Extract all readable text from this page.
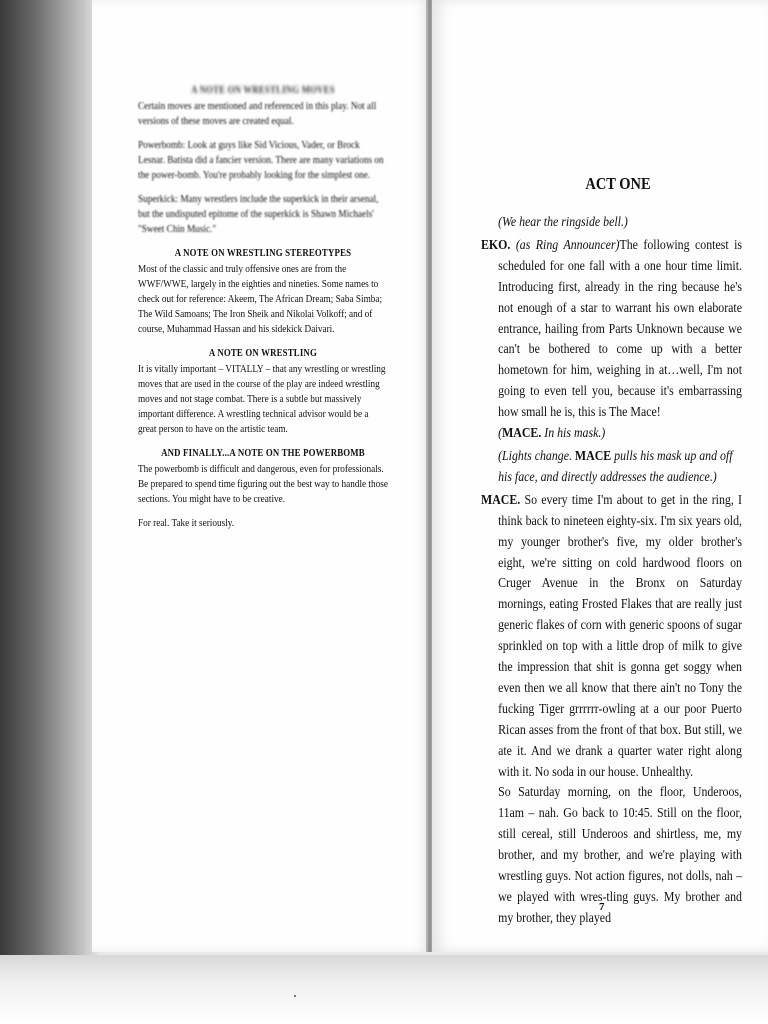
A NOTE ON WRESTLING MOVES

Certain moves are mentioned and referenced in this play. Not all versions of these moves are created equal.

Powerbomb: Look at guys like Sid Vicious, Vader, or Brock Lesnar. Batista did a fancier version. There are many variations on the power-bomb. You're probably looking for the simplest one.

Superkick: Many wrestlers include the superkick in their arsenal, but the undisputed epitome of the superkick is Shawn Michaels' "Sweet Chin Music."

A NOTE ON WRESTLING STEREOTYPES

Most of the classic and truly offensive ones are from the WWF/WWE, largely in the eighties and nineties. Some names to check out for reference: Akeem, The African Dream; Saba Simba; The Wild Samoans; The Iron Sheik and Nikolai Volkoff; and of course, Muhammad Hassan and his sidekick Daivari.

A NOTE ON WRESTLING

It is vitally important – VITALLY – that any wrestling or wrestling moves that are used in the course of the play are indeed wrestling moves and not stage combat. There is a subtle but massively important difference. A wrestling technical advisor would be a great person to have on the artistic team.

AND FINALLY...A NOTE ON THE POWERBOMB

The powerbomb is difficult and dangerous, even for professionals. Be prepared to spend time figuring out the best way to handle those sections. You might have to be creative.

For real. Take it seriously.

ACT ONE

(We hear the ringside bell.)

EKO. (as Ring Announcer)The following contest is scheduled for one fall with a one hour time limit. Introducing first, already in the ring because he's not enough of a star to warrant his own elaborate entrance, hailing from Parts Unknown because we can't be bothered to come up with a better hometown for him, weighing in at…well, I'm not going to even tell you, because it's embarrassing how small he is, this is The Mace!

(MACE. In his mask.)

(Lights change. MACE pulls his mask up and off his face, and directly addresses the audience.)

MACE. So every time I'm about to get in the ring, I think back to nineteen eighty-six. I'm six years old, my younger brother's five, my older brother's eight, we're sitting on cold hardwood floors on Cruger Avenue in the Bronx on Saturday mornings, eating Frosted Flakes that are really just generic flakes of corn with generic spoons of sugar sprinkled on top with a little drop of milk to give the impression that shit is gonna get soggy when even then we all know that there ain't no Tony the fucking Tiger grrrrrr-owling at a our poor Puerto Rican asses from the front of that box. But still, we ate it. And we drank a quarter water right along with it. No soda in our house. Unhealthy.

So Saturday morning, on the floor, Underoos, 11am – nah. Go back to 10:45. Still on the floor, still cereal, still Underoos and shirtless, me, my brother, and my brother, and we're playing with wrestling guys. Not action figures, not dolls, nah – we played with wres-tling guys. My brother and my brother, they played

7
